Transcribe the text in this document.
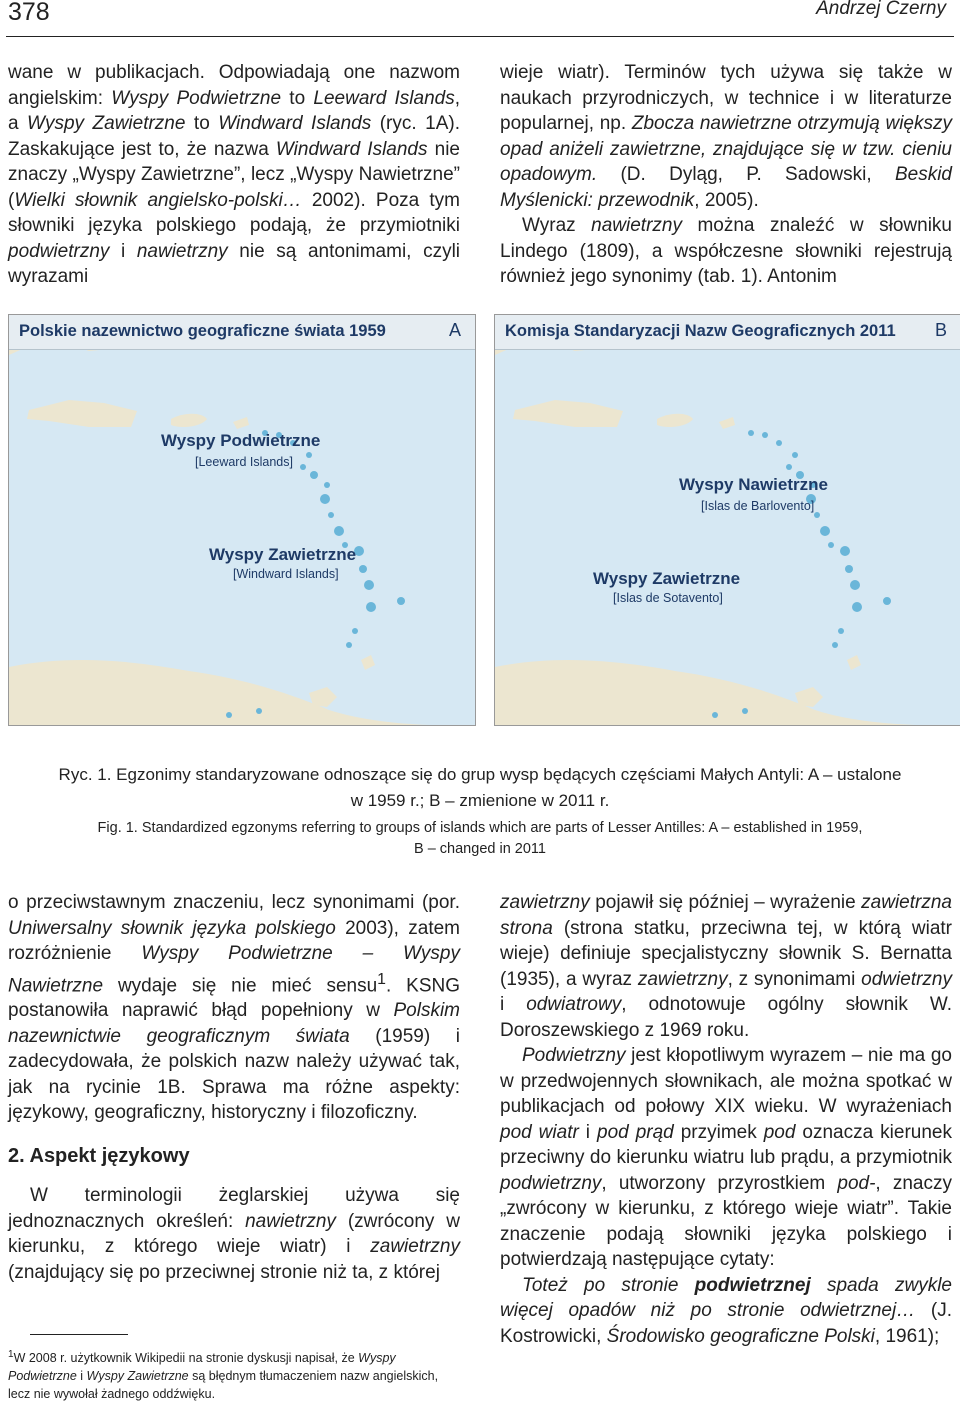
378	Andrzej Czerny

wane w publikacjach. Odpowiadają one nazwom angielskim: Wyspy Podwietrzne to Leeward Islands, a Wyspy Zawietrzne to Windward Islands (ryc. 1A). Zaskakujące jest to, że nazwa Windward Islands nie znaczy „Wyspy Zawietrzne”, lecz „Wyspy Nawietrzne” (Wielki słownik angielsko-polski… 2002). Poza tym słowniki języka polskiego podają, że przymiotniki podwietrzny i nawietrzny nie są antonimami, czyli wyrazami

wieje wiatr). Terminów tych używa się także w naukach przyrodniczych, w technice i w literaturze popularnej, np. Zbocza nawietrzne otrzymują większy opad aniżeli zawietrzne, znajdujące się w tzw. cieniu opadowym. (D. Dyląg, P. Sadowski, Beskid Myślenicki: przewodnik, 2005).

Wyraz nawietrzny można znaleźć w słowniku Lindego (1809), a współczesne słowniki rejestrują również jego synonimy (tab. 1). Antonim

Polskie nazewnictwo geograficzne świata 1959	A
Wyspy Podwietrzne
[Leeward Islands]
Wyspy Zawietrzne
[Windward Islands]
Komisja Standaryzacji Nazw Geograficznych 2011 B
Wyspy Nawietrzne
[Islas de Barlovento]
Wyspy Zawietrzne
[Islas de Sotavento]
Ryc. 1. Egzonimy standaryzowane odnoszące się do grup wysp będących częściami Małych Antyli: A – ustalone
w 1959 r.; B – zmienione w 2011 r.
Fig. 1. Standardized egzonyms referring to groups of islands which are parts of Lesser Antilles: A – established in 1959,
B – changed in 2011

o przeciwstawnym znaczeniu, lecz synonimami (por. Uniwersalny słownik języka polskiego 2003), zatem rozróżnienie Wyspy Podwietrzne – Wyspy Nawietrzne wydaje się nie mieć sensu$^1$. KSNG postanowiła naprawić błąd popełniony w Polskim nazewnictwie geograficznym świata (1959) i zadecydowała, że polskich nazw należy używać tak, jak na rycinie 1B. Sprawa ma różne aspekty: językowy, geograficzny, historyczny i filozoficzny.

2. Aspekt językowy

W terminologii żeglarskiej używa się jednoznacznych określeń: nawietrzny (zwrócony w kierunku, z którego wieje wiatr) i zawietrzny (znajdujący się po przeciwnej stronie niż ta, z której

$^1$W 2008 r. użytkownik Wikipedii na stronie dyskusji napisał, że Wyspy Podwietrzne i Wyspy Zawietrzne są błędnym tłumaczeniem nazw angielskich, lecz nie wywołał żadnego oddźwięku.

zawietrzny pojawił się później – wyrażenie zawietrzna strona (strona statku, przeciwna tej, w którą wiatr wieje) definiuje specjalistyczny słownik S. Bernatta (1935), a wyraz zawietrzny, z synonimami odwietrzny i odwiatrowy, odnotowuje ogólny słownik W. Doroszewskiego z 1969 roku.

Podwietrzny jest kłopotliwym wyrazem – nie ma go w przedwojennych słownikach, ale można spotkać w publikacjach od połowy XIX wieku. W wyrażeniach pod wiatr i pod prąd przyimek pod oznacza kierunek przeciwny do kierunku wiatru lub prądu, a przymiotnik podwietrzny, utworzony przyrostkiem pod-, znaczy „zwrócony w kierunku, z którego wieje wiatr”. Takie znaczenie podają słowniki języka polskiego i potwierdzają następujące cytaty:

Toteż po stronie podwietrznej spada zwykle więcej opadów niż po stronie odwietrznej… (J. Kostrowicki, Środowisko geograficzne Polski, 1961);
